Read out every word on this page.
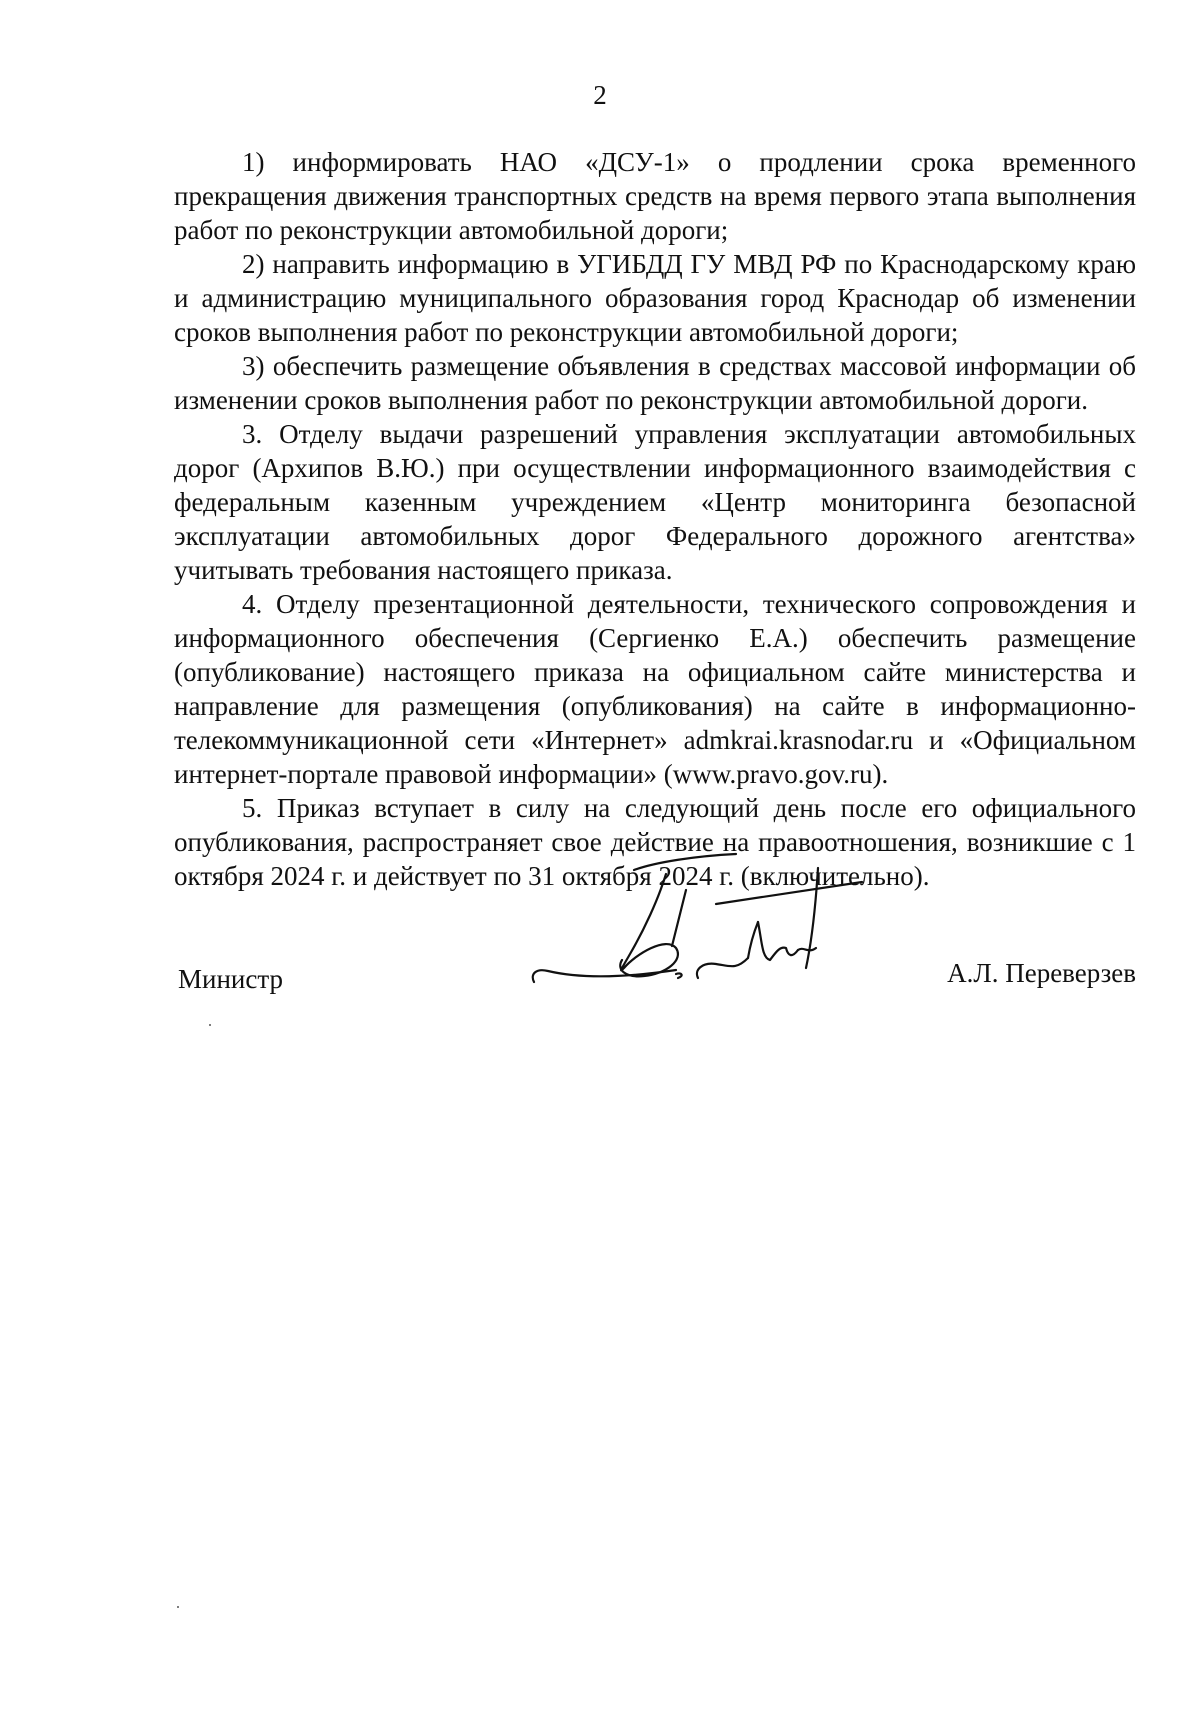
2

1) информировать НАО «ДСУ-1» о продлении срока временного прекращения движения транспортных средств на время первого этапа выполнения работ по реконструкции автомобильной дороги;

2) направить информацию в УГИБДД ГУ МВД РФ по Краснодарскому краю и администрацию муниципального образования город Краснодар об изменении сроков выполнения работ по реконструкции автомобильной дороги;

3) обеспечить размещение объявления в средствах массовой информации об изменении сроков выполнения работ по реконструкции автомобильной дороги.

3. Отделу выдачи разрешений управления эксплуатации автомобильных дорог (Архипов В.Ю.) при осуществлении информационного взаимодействия с федеральным казенным учреждением «Центр мониторинга безопасной эксплуатации автомобильных дорог Федерального дорожного агентства» учитывать требования настоящего приказа.

4. Отделу презентационной деятельности, технического сопровождения и информационного обеспечения (Сергиенко Е.А.) обеспечить размещение (опубликование) настоящего приказа на официальном сайте министерства и направление для размещения (опубликования) на сайте в информационно-телекоммуникационной сети «Интернет» admkrai.krasnodar.ru и «Официальном интернет-портале правовой информации» (www.pravo.gov.ru).

5. Приказ вступает в силу на следующий день после его официального опубликования, распространяет свое действие на правоотношения, возникшие с 1 октября 2024 г. и действует по 31 октября 2024 г. (включительно).

Министр	А.Л. Переверзев
